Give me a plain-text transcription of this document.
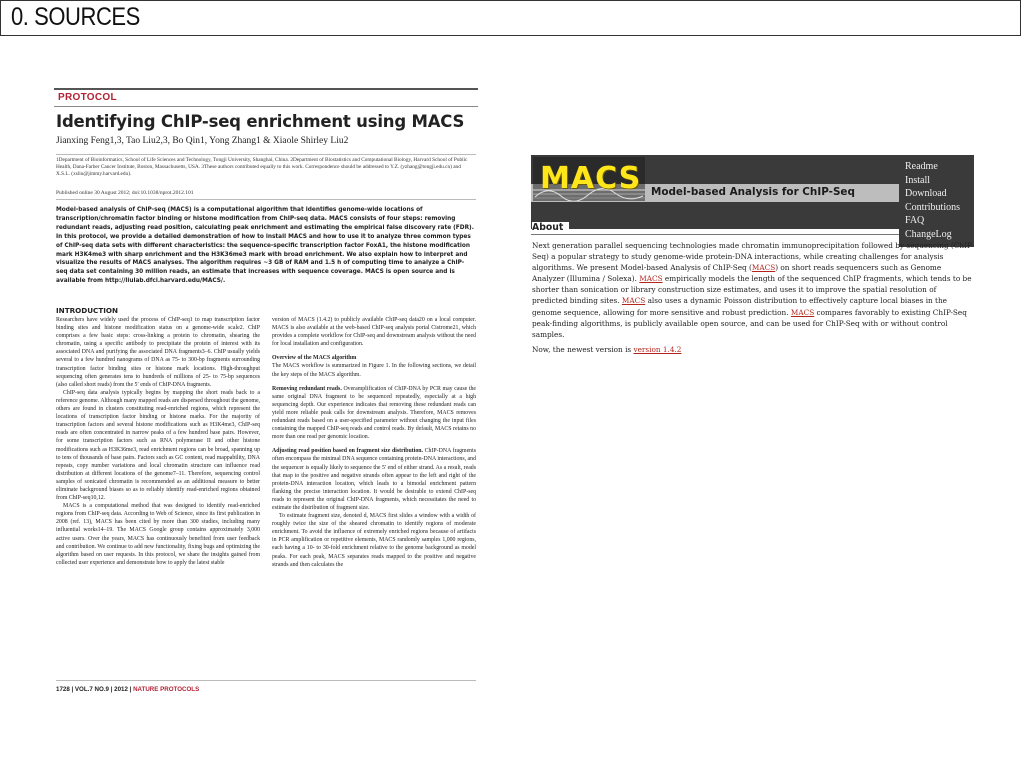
0. SOURCES
PROTOCOL
Identifying ChIP-seq enrichment using MACS
Jianxing Feng1,3, Tao Liu2,3, Bo Qin1, Yong Zhang1 & Xiaole Shirley Liu2
1Department of Bioinformatics, School of Life Sciences and Technology, Tongji University, Shanghai, China. 2Department of Biostatistics and Computational Biology, Harvard School of Public Health, Dana-Farber Cancer Institute, Boston, Massachusetts, USA. 3These authors contributed equally to this work. Correspondence should be addressed to Y.Z. (yzhang@tongji.edu.cn) and X.S.L. (xsliu@jimmy.harvard.edu).
Published online 30 August 2012; doi:10.1038/nprot.2012.101
Model-based analysis of ChIP-seq (MACS) is a computational algorithm that identifies genome-wide locations of transcription/chromatin factor binding or histone modification from ChIP-seq data. MACS consists of four steps: removing redundant reads, adjusting read position, calculating peak enrichment and estimating the empirical false discovery rate (FDR). In this protocol, we provide a detailed demonstration of how to install MACS and how to use it to analyze three common types of ChIP-seq data sets with different characteristics: the sequence-specific transcription factor FoxA1, the histone modification mark H3K4me3 with sharp enrichment and the H3K36me3 mark with broad enrichment. We also explain how to interpret and visualize the results of MACS analyses. The algorithm requires ~3 GB of RAM and 1.5 h of computing time to analyze a ChIP-seq data set containing 30 million reads, an estimate that increases with sequence coverage. MACS is open source and is available from http://liulab.dfci.harvard.edu/MACS/.
INTRODUCTION

Researchers have widely used the process of ChIP-seq1 to map transcription factor binding sites and histone modification status on a genome-wide scale2. ChIP comprises a few basic steps: cross-linking a protein to chromatin, shearing the chromatin, using a specific antibody to precipitate the protein of interest with its associated DNA and purifying the associated DNA fragments3–6. ChIP usually yields several to a few hundred nanograms of DNA as 75- to 300-bp fragments surrounding transcription factor binding sites or histone mark locations. High-throughput sequencing often generates tens to hundreds of millions of 25- to 75-bp sequences (also called short reads) from the 5′ ends of ChIP-DNA fragments.

ChIP-seq data analysis typically begins by mapping the short reads back to a reference genome. Although many mapped reads are dispersed throughout the genome, others are found in clusters constituting read-enriched regions, which represent the locations of transcription factor binding or histone marks. For the majority of transcription factors and several histone modifications such as H3K4me3, ChIP-seq reads are often concentrated in narrow peaks of a few hundred base pairs. However, for some transcription factors such as RNA polymerase II and other histone modifications such as H3K36me3, read enrichment regions can be broad, spanning up to tens of thousands of base pairs. Factors such as GC content, read mappability, DNA repeats, copy number variations and local chromatin structure can influence read distribution at different locations of the genome7–11. Therefore, sequencing control samples of sonicated chromatin is recommended as an additional measure to better eliminate background biases so as to reliably identify read-enriched regions obtained from ChIP-seq10,12.

MACS is a computational method that was designed to identify read-enriched regions from ChIP-seq data. According to Web of Science, since its first publication in 2008 (ref. 13), MACS has been cited by more than 300 studies, including many influential works14–19. The MACS Google group contains approximately 3,000 active users. Over the years, MACS has continuously benefited from user feedback and contribution. We continue to add new functionality, fixing bugs and optimizing the algorithm based on user requests. In this protocol, we share the insights gained from collected user experience and demonstrate how to apply the latest stable

version of MACS (1.4.2) to publicly available ChIP-seq data20 on a local computer. MACS is also available at the web-based ChIP-seq analysis portal Cistrome21, which provides a complete workflow for ChIP-seq and downstream analysis without the need for local installation and configuration.

Overview of the MACS algorithm

The MACS workflow is summarized in Figure 1. In the following sections, we detail the key steps of the MACS algorithm.

Removing redundant reads. Overamplification of ChIP-DNA by PCR may cause the same original DNA fragment to be sequenced repeatedly, especially at a high sequencing depth. Our experience indicates that removing these redundant reads can yield more reliable peak calls for downstream analysis. Therefore, MACS removes redundant reads based on a user-specified parameter without changing the input files containing the mapped ChIP-seq reads and control reads. By default, MACS retains no more than one read per genomic location.

Adjusting read position based on fragment size distribution. ChIP-DNA fragments often encompass the minimal DNA sequence containing protein-DNA interactions, and the sequencer is equally likely to sequence the 5′ end of either strand. As a result, reads that map to the positive and negative strands often appear to the left and right of the protein-DNA interaction location, which leads to a bimodal enrichment pattern flanking the precise interaction location. It would be desirable to extend ChIP-seq reads to represent the original ChIP-DNA fragments, which necessitates the need to estimate the distribution of fragment size.

To estimate fragment size, denoted d, MACS first slides a window with a width of roughly twice the size of the sheared chromatin to identify regions of moderate enrichment. To avoid the influence of extremely enriched regions because of artifacts in PCR amplification or repetitive elements, MACS randomly samples 1,000 regions, each having a 10- to 30-fold enrichment relative to the genome background as model peaks. For each peak, MACS separates reads mapped to the positive and negative strands and then calculates the

1728 | VOL.7 NO.9 | 2012 | NATURE PROTOCOLS
MACS Model-based Analysis for ChIP-Seq
Readme
Install
Download
Contributions
FAQ
ChangeLog
About
Next generation parallel sequencing technologies made chromatin immunoprecipitation followed by sequencing (ChIP-Seq) a popular strategy to study genome-wide protein-DNA interactions, while creating challenges for analysis algorithms. We present Model-based Analysis of ChIP-Seq (MACS) on short reads sequencers such as Genome Analyzer (Illumina / Solexa). MACS empirically models the length of the sequenced ChIP fragments, which tends to be shorter than sonication or library construction size estimates, and uses it to improve the spatial resolution of predicted binding sites. MACS also uses a dynamic Poisson distribution to effectively capture local biases in the genome sequence, allowing for more sensitive and robust prediction. MACS compares favorably to existing ChIP-Seq peak-finding algorithms, is publicly available open source, and can be used for ChIP-Seq with or without control samples.
Now, the newest version is version 1.4.2
